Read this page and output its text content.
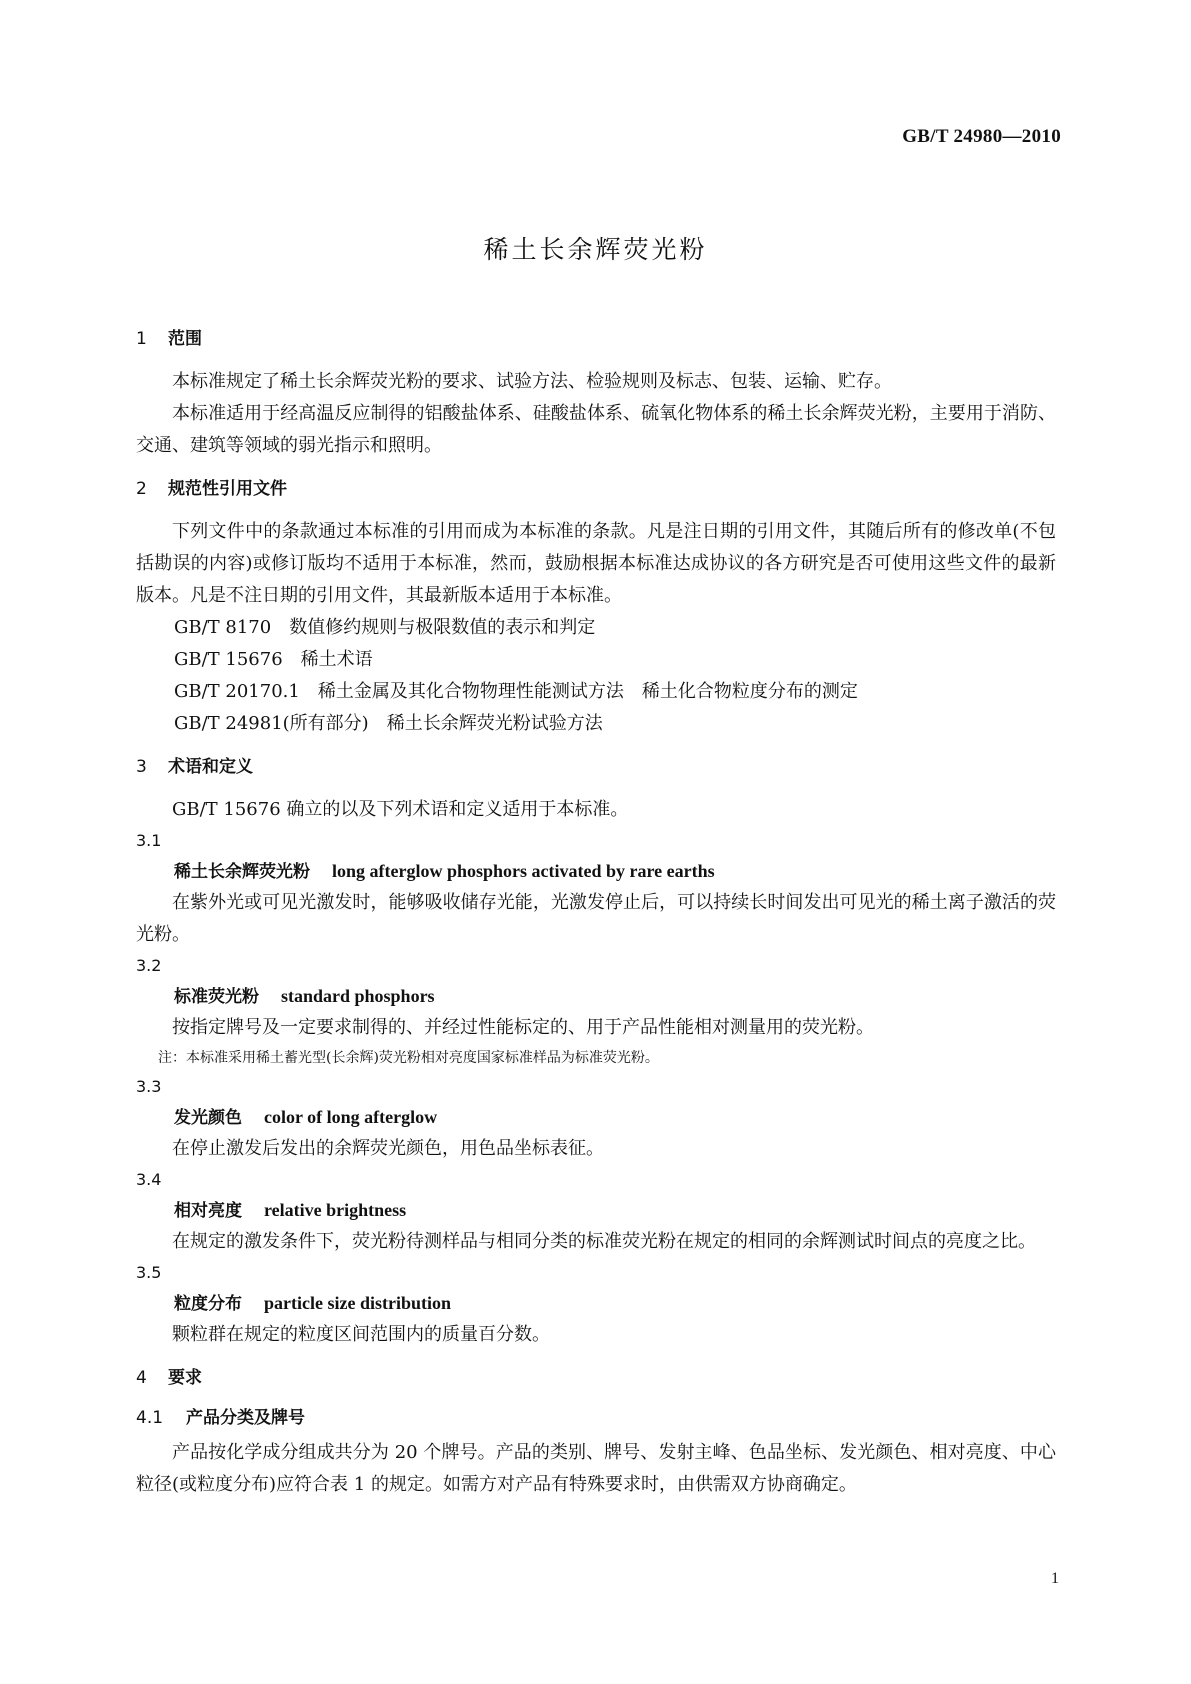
GB/T 24980—2010
稀土长余辉荧光粉
1 范围

本标准规定了稀土长余辉荧光粉的要求、试验方法、检验规则及标志、包装、运输、贮存。

本标准适用于经高温反应制得的铝酸盐体系、硅酸盐体系、硫氧化物体系的稀土长余辉荧光粉，主要用于消防、交通、建筑等领域的弱光指示和照明。

2 规范性引用文件

下列文件中的条款通过本标准的引用而成为本标准的条款。凡是注日期的引用文件，其随后所有的修改单(不包括勘误的内容)或修订版均不适用于本标准，然而，鼓励根据本标准达成协议的各方研究是否可使用这些文件的最新版本。凡是不注日期的引用文件，其最新版本适用于本标准。

GB/T 8170 数值修约规则与极限数值的表示和判定
GB/T 15676 稀土术语
GB/T 20170.1 稀土金属及其化合物物理性能测试方法　稀土化合物粒度分布的测定
GB/T 24981(所有部分) 稀土长余辉荧光粉试验方法
3 术语和定义

GB/T 15676 确立的以及下列术语和定义适用于本标准。

3.1
稀土长余辉荧光粉 long afterglow phosphors activated by rare earths

在紫外光或可见光激发时，能够吸收储存光能，光激发停止后，可以持续长时间发出可见光的稀土离子激活的荧光粉。

3.2
标准荧光粉 standard phosphors

按指定牌号及一定要求制得的、并经过性能标定的、用于产品性能相对测量用的荧光粉。

注：本标准采用稀土蓄光型(长余辉)荧光粉相对亮度国家标准样品为标准荧光粉。
3.3
发光颜色 color of long afterglow

在停止激发后发出的余辉荧光颜色，用色品坐标表征。

3.4
相对亮度 relative brightness

在规定的激发条件下，荧光粉待测样品与相同分类的标准荧光粉在规定的相同的余辉测试时间点的亮度之比。

3.5
粒度分布 particle size distribution

颗粒群在规定的粒度区间范围内的质量百分数。

4 要求
4.1 产品分类及牌号

产品按化学成分组成共分为 20 个牌号。产品的类别、牌号、发射主峰、色品坐标、发光颜色、相对亮度、中心粒径(或粒度分布)应符合表 1 的规定。如需方对产品有特殊要求时，由供需双方协商确定。

1
